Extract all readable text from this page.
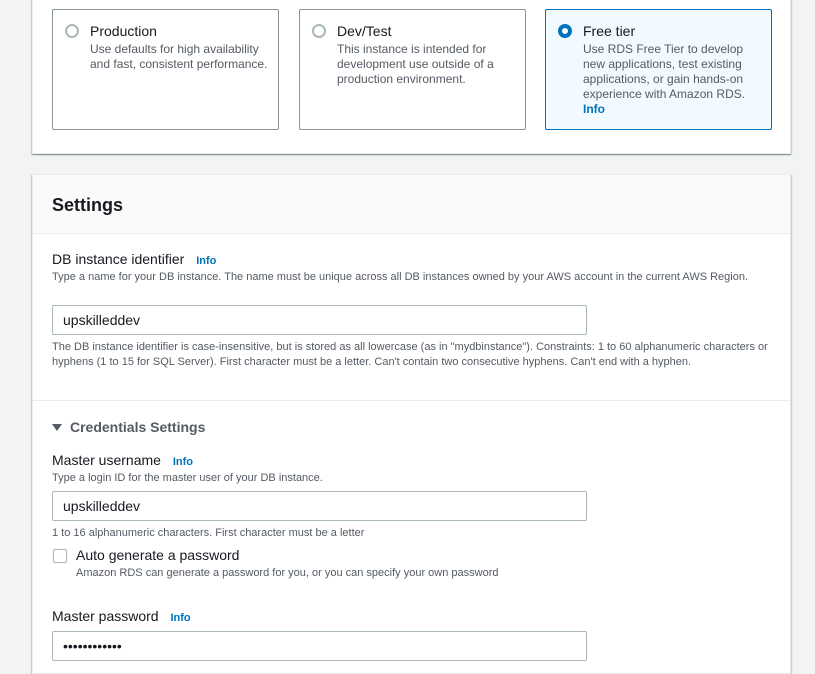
Production
Use defaults for high availability and fast, consistent performance.
Dev/Test
This instance is intended for development use outside of a production environment.
Free tier
Use RDS Free Tier to develop new applications, test existing applications, or gain hands-on experience with Amazon RDS.
Info
Settings
DB instance identifier Info
Type a name for your DB instance. The name must be unique across all DB instances owned by your AWS account in the current AWS Region.
upskilleddev
The DB instance identifier is case-insensitive, but is stored as all lowercase (as in "mydbinstance"). Constraints: 1 to 60 alphanumeric characters or hyphens (1 to 15 for SQL Server). First character must be a letter. Can't contain two consecutive hyphens. Can't end with a hyphen.
Credentials Settings
Master username Info
Type a login ID for the master user of your DB instance.
upskilleddev
1 to 16 alphanumeric characters. First character must be a letter
Auto generate a password
Amazon RDS can generate a password for you, or you can specify your own password
Master password Info
••••••••••••
